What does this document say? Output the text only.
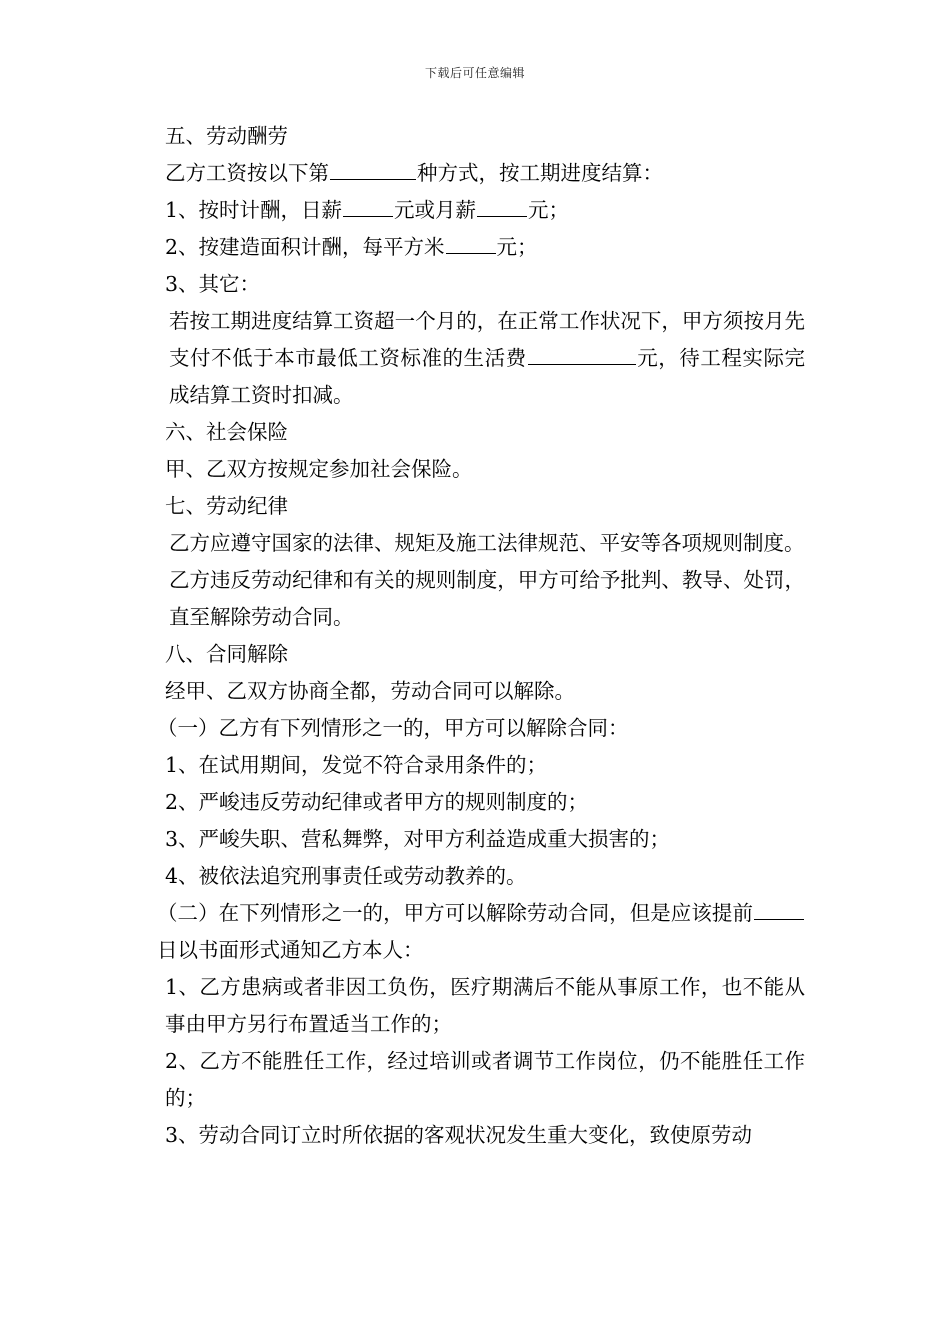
下载后可任意编辑

五、劳动酬劳

乙方工资按以下第	种方式，按工期进度结算：

1、按时计酬，日薪	元或月薪	元；

2、按建造面积计酬，每平方米	元；

3、其它：

若按工期进度结算工资超一个月的，在正常工作状况下，甲方须按月先支付不低于本市最低工资标准的生活费	元，待工程实际完成结算工资时扣减。

六、社会保险

甲、乙双方按规定参加社会保险。

七、劳动纪律

乙方应遵守国家的法律、规矩及施工法律规范、平安等各项规则制度。

乙方违反劳动纪律和有关的规则制度，甲方可给予批判、教导、处罚，直至解除劳动合同。

八、合同解除

经甲、乙双方协商全都，劳动合同可以解除。

（一）乙方有下列情形之一的，甲方可以解除合同：

1、在试用期间，发觉不符合录用条件的；

2、严峻违反劳动纪律或者甲方的规则制度的；

3、严峻失职、营私舞弊，对甲方利益造成重大损害的；

4、被依法追究刑事责任或劳动教养的。

（二）在下列情形之一的，甲方可以解除劳动合同，但是应该提前日以书面形式通知乙方本人：

1、乙方患病或者非因工负伤，医疗期满后不能从事原工作，也不能从事由甲方另行布置适当工作的；

2、乙方不能胜任工作，经过培训或者调节工作岗位，仍不能胜任工作的；

3、劳动合同订立时所依据的客观状况发生重大变化，致使原劳动
